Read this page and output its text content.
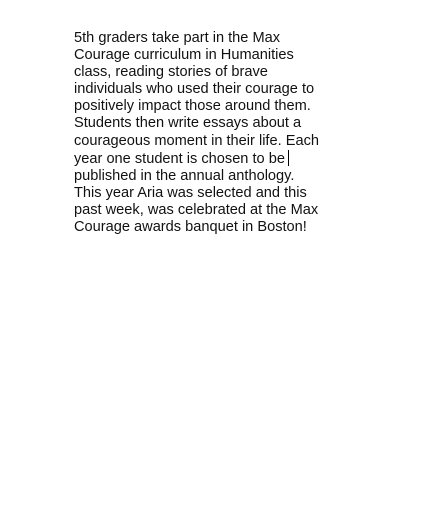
5th graders take part in the Max
Courage curriculum in Humanities
class, reading stories of brave
individuals who used their courage to
positively impact those around them.
Students then write essays about a
courageous moment in their life. Each
year one student is chosen to be
published in the annual anthology.
This year Aria was selected and this
past week, was celebrated at the Max
Courage awards banquet in Boston!
